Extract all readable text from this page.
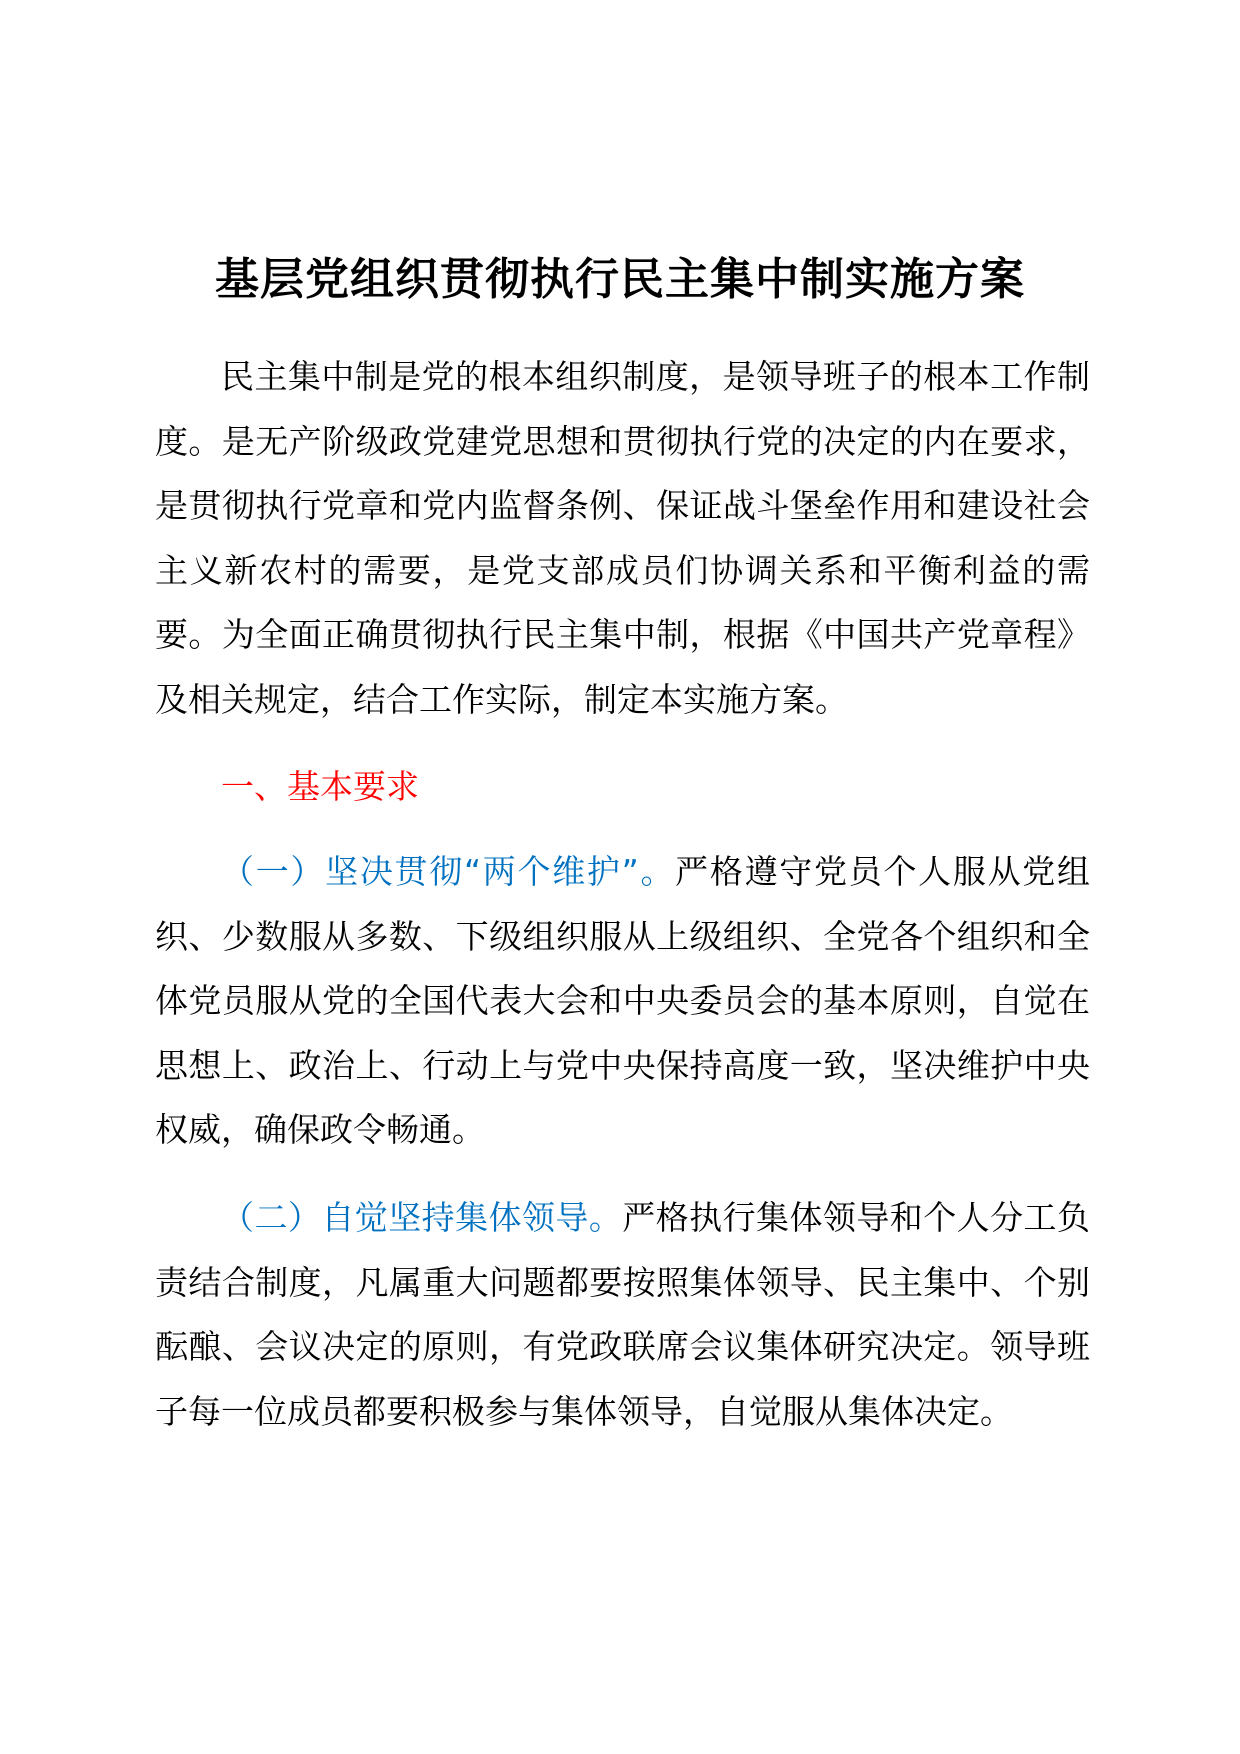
基层党组织贯彻执行民主集中制实施方案

民主集中制是党的根本组织制度，是领导班子的根本工作制度。是无产阶级政党建党思想和贯彻执行党的决定的内在要求，是贯彻执行党章和党内监督条例、保证战斗堡垒作用和建设社会主义新农村的需要，是党支部成员们协调关系和平衡利益的需要。为全面正确贯彻执行民主集中制，根据《中国共产党章程》及相关规定，结合工作实际，制定本实施方案。

一、基本要求

（一）坚决贯彻“两个维护”。严格遵守党员个人服从党组织、少数服从多数、下级组织服从上级组织、全党各个组织和全体党员服从党的全国代表大会和中央委员会的基本原则，自觉在思想上、政治上、行动上与党中央保持高度一致，坚决维护中央权威，确保政令畅通。

（二）自觉坚持集体领导。严格执行集体领导和个人分工负责结合制度，凡属重大问题都要按照集体领导、民主集中、个别酝酿、会议决定的原则，有党政联席会议集体研究决定。领导班子每一位成员都要积极参与集体领导，自觉服从集体决定。
